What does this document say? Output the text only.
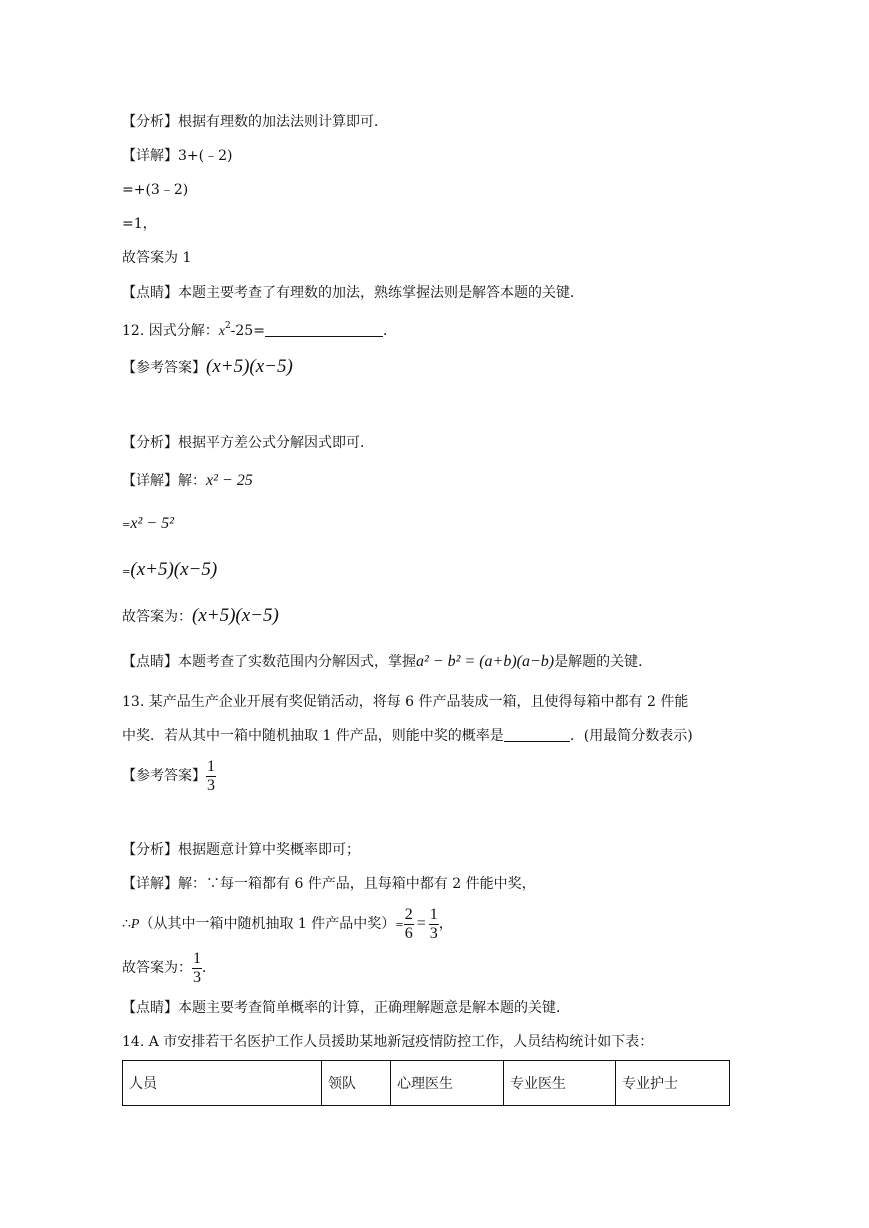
【分析】根据有理数的加法法则计算即可．
【详解】3+(﹣2)
=+(3﹣2)
=1，
故答案为 1
【点睛】本题主要考查了有理数的加法，熟练掌握法则是解答本题的关键．
12. 因式分解：$x^2-25=$	．
【参考答案】(x+5)(x−5)
【分析】根据平方差公式分解因式即可．
【详解】解：x² − 25
=x² − 5²
=(x+5)(x−5)
故答案为：(x+5)(x−5)
【点睛】本题考查了实数范围内分解因式，掌握a² − b² = (a+b)(a−b)是解题的关键．
13. 某产品生产企业开展有奖促销活动，将每 6 件产品装成一箱，且使得每箱中都有 2 件能
中奖．若从其中一箱中随机抽取 1 件产品，则能中奖的概率是	．(用最简分数表示)
【参考答案】 $\frac{1}{3}$
【分析】根据题意计算中奖概率即可；
【详解】解：∵每一箱都有 6 件产品，且每箱中都有 2 件能中奖，
∴P（从其中一箱中随机抽取 1 件产品中奖）= $\frac{2}{6} = \frac{1}{3}$ ，
故答案为： $\frac{1}{3}$ ．
【点睛】本题主要考查简单概率的计算，正确理解题意是解本题的关键．
14. A 市安排若干名医护工作人员援助某地新冠疫情防控工作，人员结构统计如下表：
人员	领队	心理医生	专业医生	专业护士
